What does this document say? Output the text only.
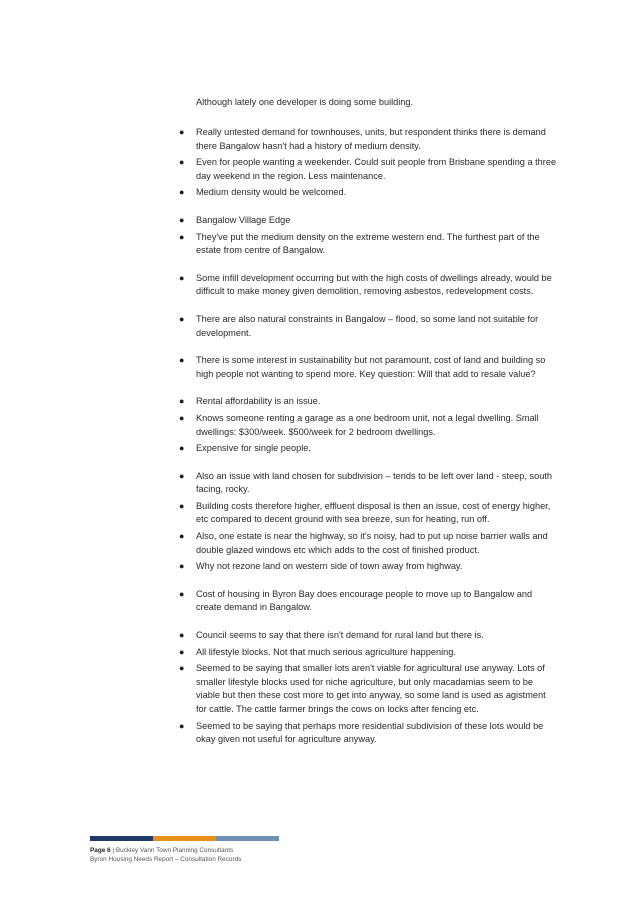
Although lately one developer is doing some building.

● Really untested demand for townhouses, units, but respondent thinks there is demand there Bangalow hasn't had a history of medium density.
● Even for people wanting a weekender. Could suit people from Brisbane spending a three day weekend in the region. Less maintenance.
● Medium density would be welcomed.
● Bangalow Village Edge
● They've put the medium density on the extreme western end. The furthest part of the estate from centre of Bangalow.
● Some infill development occurring but with the high costs of dwellings already, would be difficult to make money given demolition, removing asbestos, redevelopment costs.
● There are also natural constraints in Bangalow – flood, so some land not suitable for development.
● There is some interest in sustainability but not paramount, cost of land and building so high people not wanting to spend more. Key question: Will that add to resale value?
● Rental affordability is an issue.
● Knows someone renting a garage as a one bedroom unit, not a legal dwelling. Small dwellings: $300/week. $500/week for 2 bedroom dwellings.
● Expensive for single people.
● Also an issue with land chosen for subdivision – tends to be left over land - steep, south facing, rocky.
● Building costs therefore higher, effluent disposal is then an issue, cost of energy higher, etc compared to decent ground with sea breeze, sun for heating, run off.
● Also, one estate is near the highway, so it's noisy, had to put up noise barrier walls and double glazed windows etc which adds to the cost of finished product.
● Why not rezone land on western side of town away from highway.
● Cost of housing in Byron Bay does encourage people to move up to Bangalow and create demand in Bangalow.
● Council seems to say that there isn't demand for rural land but there is.
● All lifestyle blocks. Not that much serious agriculture happening.
● Seemed to be saying that smaller lots aren't viable for agricultural use anyway. Lots of smaller lifestyle blocks used for niche agriculture, but only macadamias seem to be viable but then these cost more to get into anyway, so some land is used as agistment for cattle. The cattle farmer brings the cows on locks after fencing etc.
● Seemed to be saying that perhaps more residential subdivision of these lots would be okay given not useful for agriculture anyway.
Page 6 | Buckley Vann Town Planning Consultants
Byron Housing Needs Report – Consultation Records
